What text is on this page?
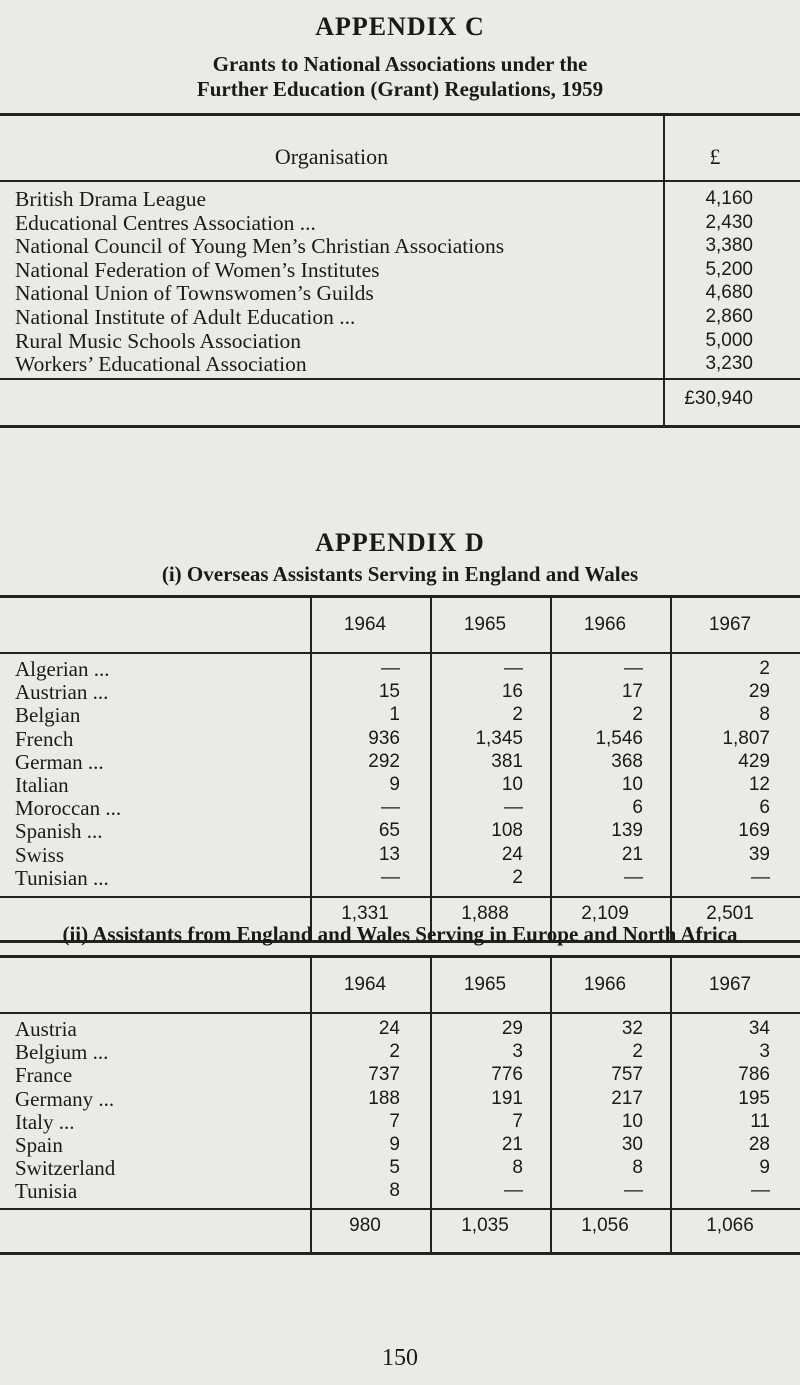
APPENDIX C
Grants to National Associations under the
Further Education (Grant) Regulations, 1959
Organisation	£
British Drama League	4,160
Educational Centres Association ...	2,430
National Council of Young Men’s Christian Associations	3,380
National Federation of Women’s Institutes	5,200
National Union of Townswomen’s Guilds	4,680
National Institute of Adult Education ...	2,860
Rural Music Schools Association	5,000
Workers’ Educational Association	3,230
£30,940
APPENDIX D
(i) Overseas Assistants Serving in England and Wales
1964	1965	1966	1967
Algerian ...	—	—	—	2
Austrian ...	15	16	17	29
Belgian	1	2	2	8
French	936	1,345	1,546	1,807
German ...	292	381	368	429
Italian	9	10	10	12
Moroccan ...	—	—	6	6
Spanish ...	65	108	139	169
Swiss	13	24	21	39
Tunisian ...	—	2	—	—
1,331	1,888	2,109	2,501
(ii) Assistants from England and Wales Serving in Europe and North Africa
1964	1965	1966	1967
Austria	24	29	32	34
Belgium ...	2	3	2	3
France	737	776	757	786
Germany ...	188	191	217	195
Italy ...	7	7	10	11
Spain	9	21	30	28
Switzerland	5	8	8	9
Tunisia	8	—	—	—
980	1,035	1,056	1,066
150
